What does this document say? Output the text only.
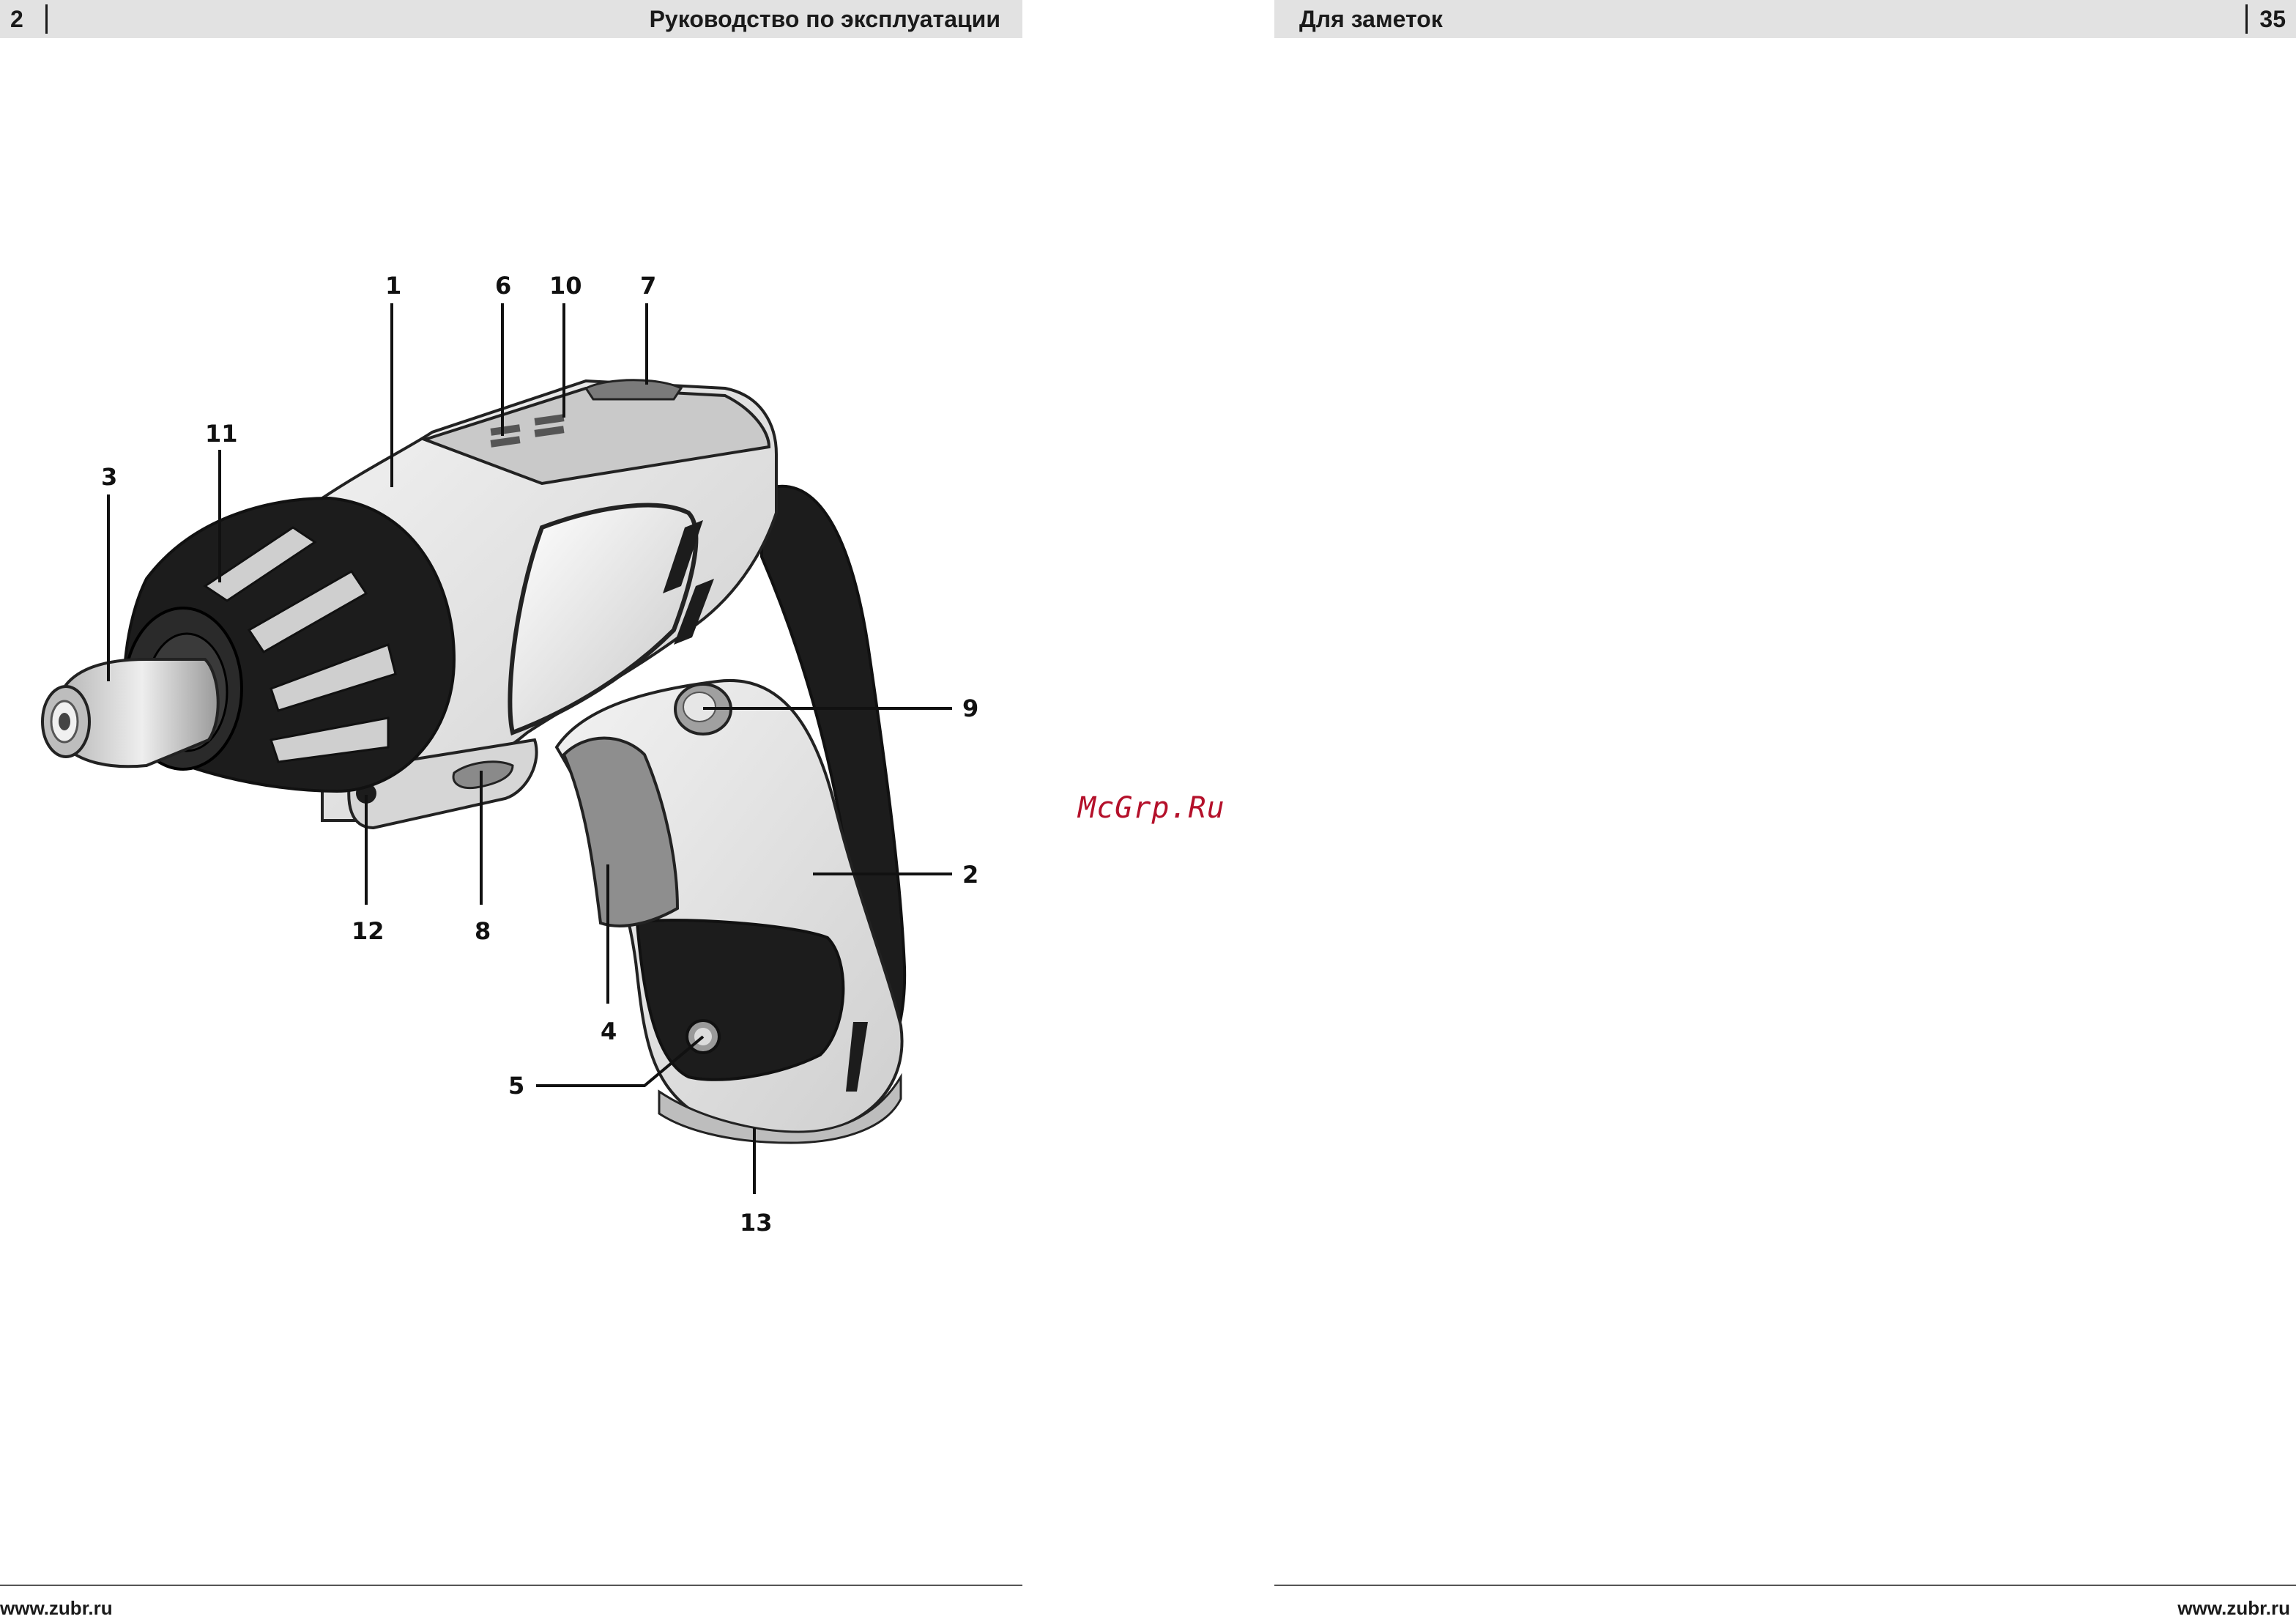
2	Руководство по эксплуатации	Для заметок	35
1	6 10 7
11
3
9
2
12	8
4
5
13
McGrp.Ru
www.zubr.ru	www.zubr.ru
